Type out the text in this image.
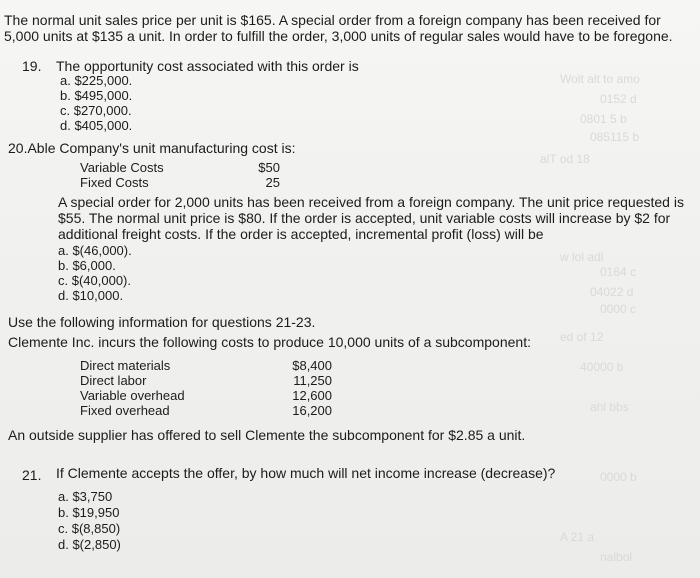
Wolt alt to amo
0152 d
0801 5 b
085115 b
alT od 18
w lol adl
0164 c
04022 d
0000 c
ed of 12
40000 b
ahl bbs
0000 b
A 21 a
nalbol
The normal unit sales price per unit is $165. A special order from a foreign company has been received for
5,000 units at $135 a unit. In order to fulfill the order, 3,000 units of regular sales would have to be foregone.
19. The opportunity cost associated with this order is
a. $225,000.
b. $495,000.
c. $270,000.
d. $405,000.
20.Able Company's unit manufacturing cost is:
Variable Costs	$50
Fixed Costs	25
A special order for 2,000 units has been received from a foreign company. The unit price requested is
$55. The normal unit price is $80. If the order is accepted, unit variable costs will increase by $2 for
additional freight costs. If the order is accepted, incremental profit (loss) will be
a. $(46,000).
b. $6,000.
c. $(40,000).
d. $10,000.
Use the following information for questions 21-23.
Clemente Inc. incurs the following costs to produce 10,000 units of a subcomponent:
Direct materials	$8,400
Direct labor	11,250
Variable overhead	12,600
Fixed overhead	16,200
An outside supplier has offered to sell Clemente the subcomponent for $2.85 a unit.
21. If Clemente accepts the offer, by how much will net income increase (decrease)?
a. $3,750
b. $19,950
c. $(8,850)
d. $(2,850)
